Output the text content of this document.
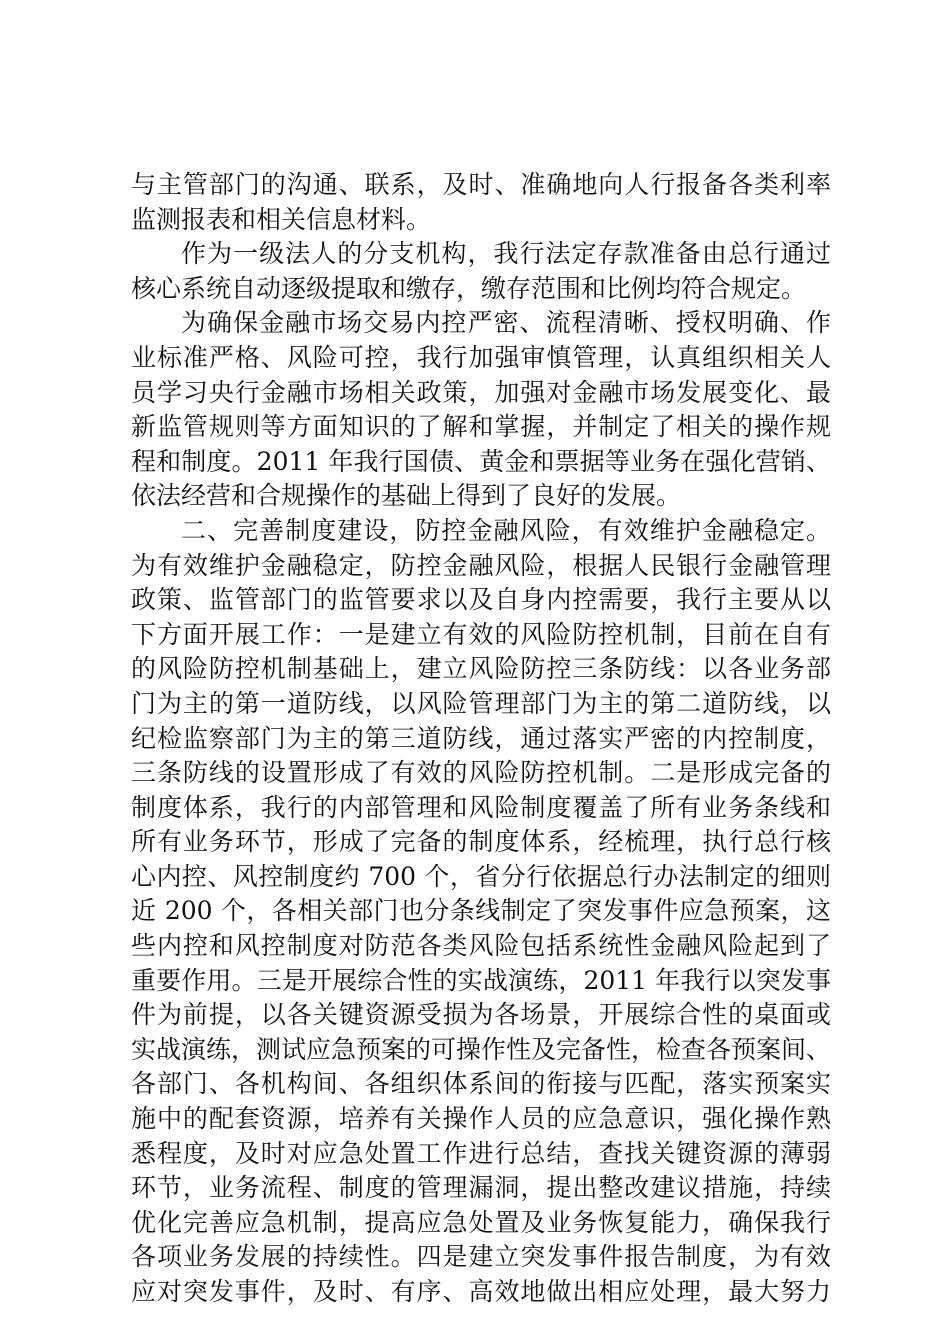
与主管部门的沟通、联系，及时、准确地向人行报备各类利率
监测报表和相关信息材料。
作为一级法人的分支机构，我行法定存款准备由总行通过
核心系统自动逐级提取和缴存，缴存范围和比例均符合规定。
为确保金融市场交易内控严密、流程清晰、授权明确、作
业标准严格、风险可控，我行加强审慎管理，认真组织相关人
员学习央行金融市场相关政策，加强对金融市场发展变化、最
新监管规则等方面知识的了解和掌握，并制定了相关的操作规
程和制度。2011 年我行国债、黄金和票据等业务在强化营销、
依法经营和合规操作的基础上得到了良好的发展。
二、完善制度建设，防控金融风险，有效维护金融稳定。
为有效维护金融稳定，防控金融风险，根据人民银行金融管理
政策、监管部门的监管要求以及自身内控需要，我行主要从以
下方面开展工作：一是建立有效的风险防控机制，目前在自有
的风险防控机制基础上，建立风险防控三条防线：以各业务部
门为主的第一道防线，以风险管理部门为主的第二道防线，以
纪检监察部门为主的第三道防线，通过落实严密的内控制度，
三条防线的设置形成了有效的风险防控机制。二是形成完备的
制度体系，我行的内部管理和风险制度覆盖了所有业务条线和
所有业务环节，形成了完备的制度体系，经梳理，执行总行核
心内控、风控制度约 700 个，省分行依据总行办法制定的细则
近 200 个，各相关部门也分条线制定了突发事件应急预案，这
些内控和风控制度对防范各类风险包括系统性金融风险起到了
重要作用。三是开展综合性的实战演练，2011 年我行以突发事
件为前提，以各关键资源受损为各场景，开展综合性的桌面或
实战演练，测试应急预案的可操作性及完备性，检查各预案间、
各部门、各机构间、各组织体系间的衔接与匹配，落实预案实
施中的配套资源，培养有关操作人员的应急意识，强化操作熟
悉程度，及时对应急处置工作进行总结，查找关键资源的薄弱
环节，业务流程、制度的管理漏洞，提出整改建议措施，持续
优化完善应急机制，提高应急处置及业务恢复能力，确保我行
各项业务发展的持续性。四是建立突发事件报告制度，为有效
应对突发事件，及时、有序、高效地做出相应处理，最大努力
